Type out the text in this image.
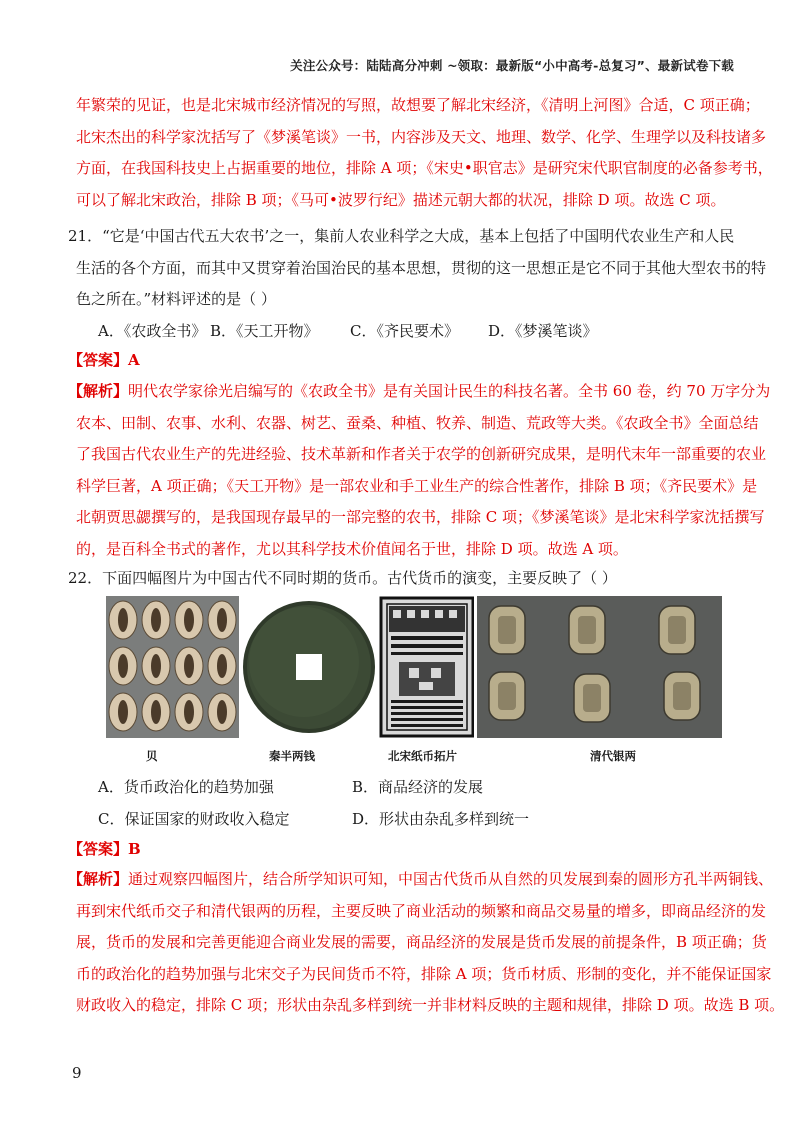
关注公众号：陆陆高分冲刺 ~领取：最新版“小中高考-总复习”、最新试卷下载
年繁荣的见证，也是北宋城市经济情况的写照，故想要了解北宋经济，《清明上河图》合适，C 项正确；
北宋杰出的科学家沈括写了《梦溪笔谈》一书，内容涉及天文、地理、数学、化学、生理学以及科技诸多
方面，在我国科技史上占据重要的地位，排除 A 项；《宋史•职官志》是研究宋代职官制度的必备参考书，
可以了解北宋政治，排除 B 项；《马可•波罗行纪》描述元朝大都的状况，排除 D 项。故选 C 项。
21．“它是‘中国古代五大农书’之一，集前人农业科学之大成，基本上包括了中国明代农业生产和人民
生活的各个方面，而其中又贯穿着治国治民的基本思想，贯彻的这一思想正是它不同于其他大型农书的特
色之所在。”材料评述的是（ ）
A．《农政全书》 B．《天工开物》 C．《齐民要术》 D．《梦溪笔谈》
【答案】A
【解析】明代农学家徐光启编写的《农政全书》是有关国计民生的科技名著。全书 60 卷，约 70 万字分为
农本、田制、农事、水利、农器、树艺、蚕桑、种植、牧养、制造、荒政等大类。《农政全书》全面总结
了我国古代农业生产的先进经验、技术革新和作者关于农学的创新研究成果，是明代末年一部重要的农业
科学巨著，A 项正确；《天工开物》是一部农业和手工业生产的综合性著作，排除 B 项；《齐民要术》是
北朝贾思勰撰写的，是我国现存最早的一部完整的农书，排除 C 项；《梦溪笔谈》是北宋科学家沈括撰写
的，是百科全书式的著作，尤以其科学技术价值闻名于世，排除 D 项。故选 A 项。
22．下面四幅图片为中国古代不同时期的货币。古代货币的演变，主要反映了（ ）
贝	秦半两钱	北宋纸币拓片	清代银两
A．货币政治化的趋势加强	B．商品经济的发展
C．保证国家的财政收入稳定	D．形状由杂乱多样到统一
【答案】B
【解析】通过观察四幅图片，结合所学知识可知，中国古代货币从自然的贝发展到秦的圆形方孔半两铜钱、
再到宋代纸币交子和清代银两的历程，主要反映了商业活动的频繁和商品交易量的增多，即商品经济的发
展，货币的发展和完善更能迎合商业发展的需要，商品经济的发展是货币发展的前提条件，B 项正确；货
币的政治化的趋势加强与北宋交子为民间货币不符，排除 A 项；货币材质、形制的变化，并不能保证国家
财政收入的稳定，排除 C 项；形状由杂乱多样到统一并非材料反映的主题和规律，排除 D 项。故选 B 项。
9
